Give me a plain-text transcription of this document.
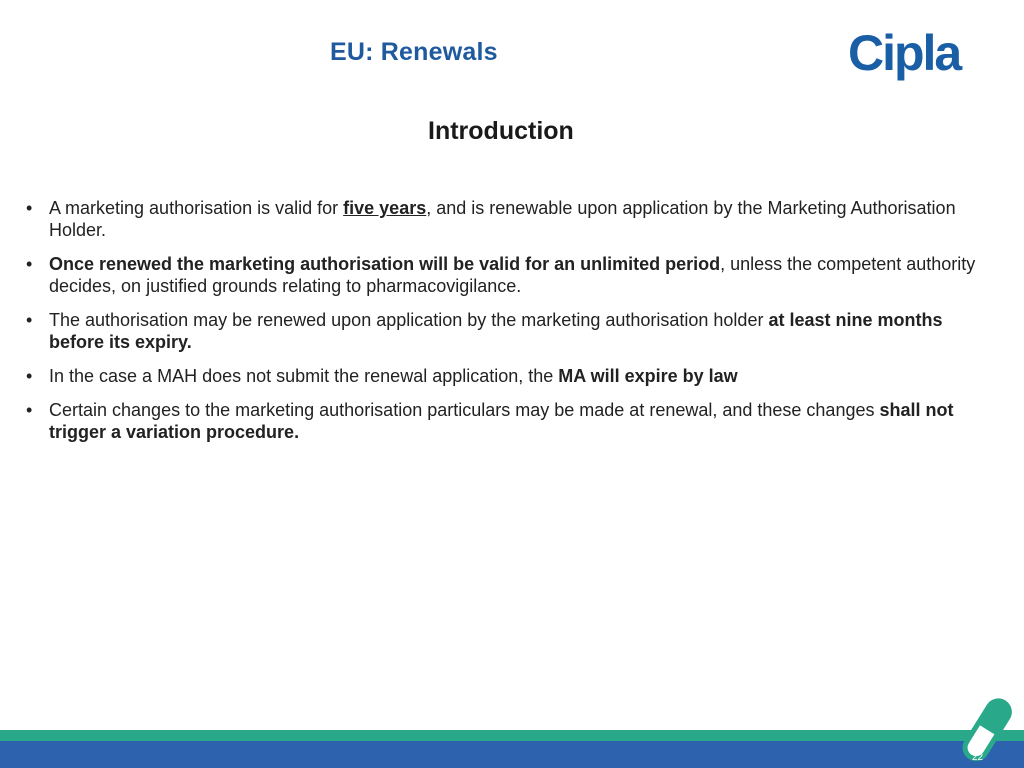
EU: Renewals	Cipla
Introduction
• A marketing authorisation is valid for five years, and is renewable upon application by the Marketing Authorisation Holder.
• Once renewed the marketing authorisation will be valid for an unlimited period, unless the competent authority decides, on justified grounds relating to pharmacovigilance.
• The authorisation may be renewed upon application by the marketing authorisation holder at least nine months before its expiry.
• In the case a MAH does not submit the renewal application, the MA will expire by law
• Certain changes to the marketing authorisation particulars may be made at renewal, and these changes shall not trigger a variation procedure.
22
